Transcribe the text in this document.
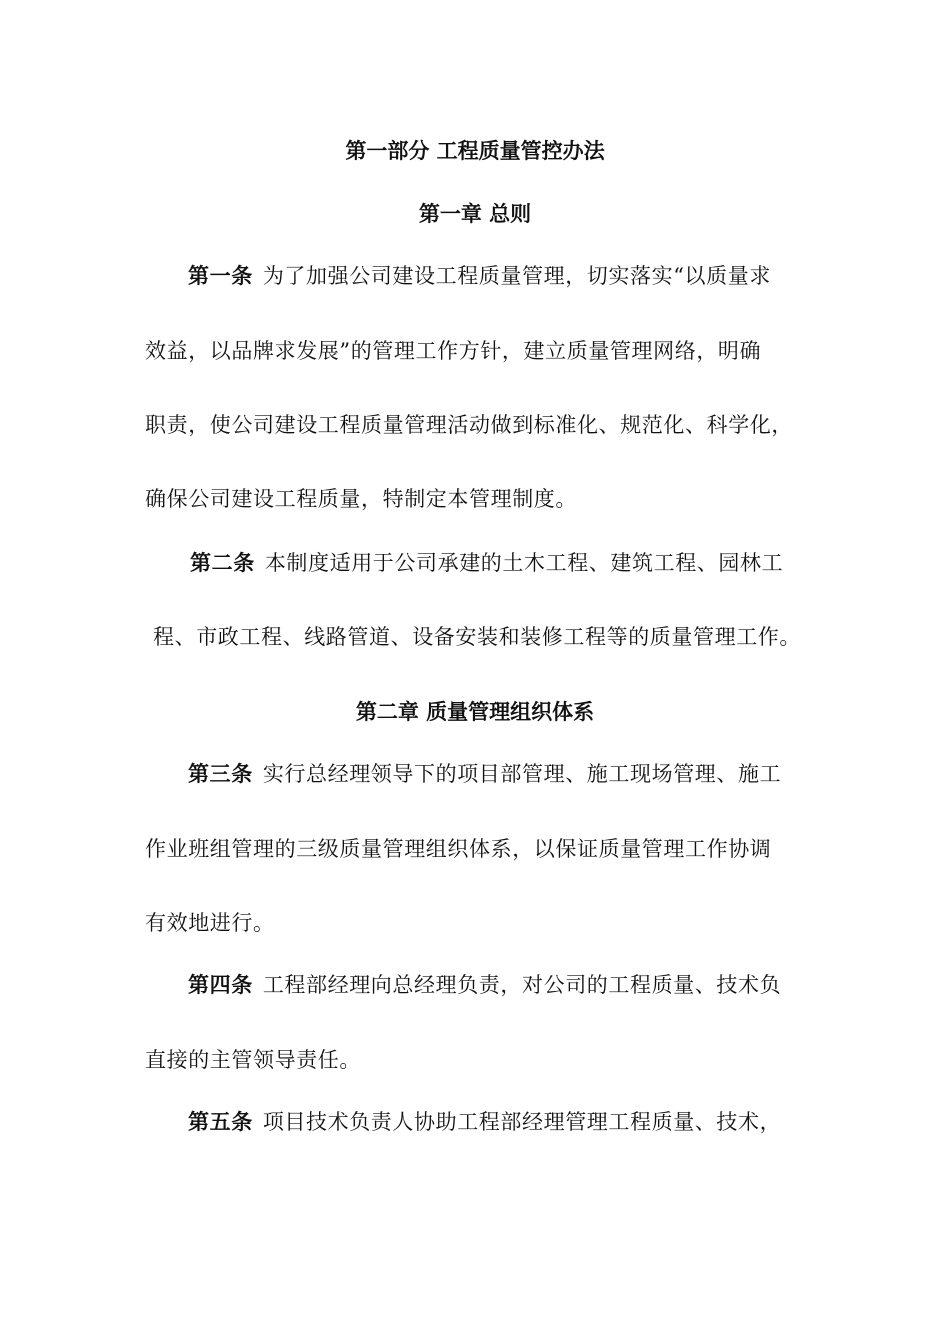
第一部分 工程质量管控办法
第一章 总则
第一条 为了加强公司建设工程质量管理，切实落实“以质量求
效益，以品牌求发展”的管理工作方针，建立质量管理网络，明确
职责，使公司建设工程质量管理活动做到标准化、规范化、科学化，
确保公司建设工程质量，特制定本管理制度。
第二条 本制度适用于公司承建的土木工程、建筑工程、园林工
程、市政工程、线路管道、设备安装和装修工程等的质量管理工作。
第二章 质量管理组织体系
第三条 实行总经理领导下的项目部管理、施工现场管理、施工
作业班组管理的三级质量管理组织体系，以保证质量管理工作协调
有效地进行。
第四条 工程部经理向总经理负责，对公司的工程质量、技术负
直接的主管领导责任。
第五条 项目技术负责人协助工程部经理管理工程质量、技术，
